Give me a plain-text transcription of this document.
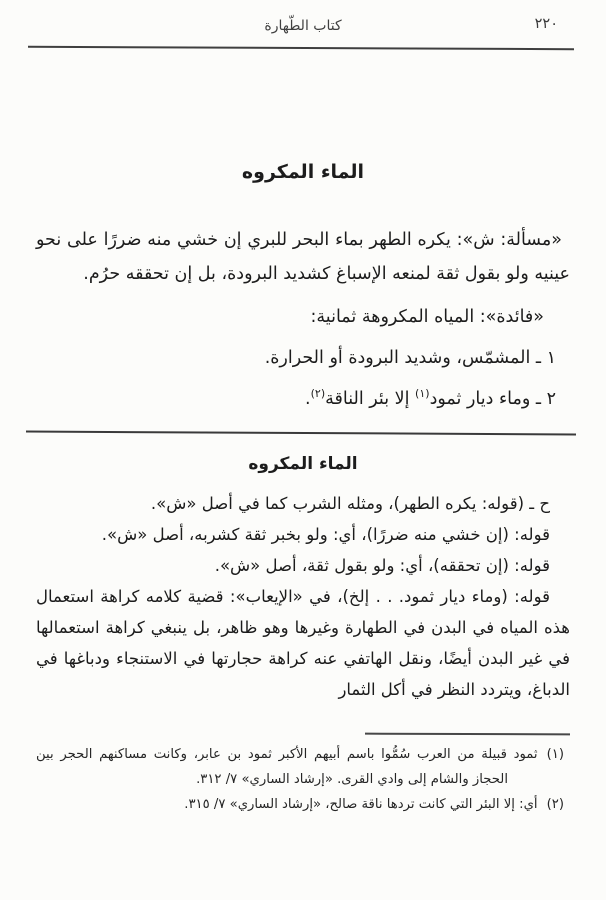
٢٢٠
كتاب الطّهارة
الماء المكروه

«مسألة: ش»: يكره الطهر بماء البحر للبري إن خشي منه ضررًا على نحو عينيه ولو بقول ثقة لمنعه الإسباغ كشديد البرودة، بل إن تحققه حرُم.

«فائدة»: المياه المكروهة ثمانية:

١ ـ المشمّس، وشديد البرودة أو الحرارة.

٢ ـ وماء ديار ثمود$^{(١)}$ إلا بئر الناقة$^{(٢)}$.

الماء المكروه

ح ـ (قوله: يكره الطهر)، ومثله الشرب كما في أصل «ش».

قوله: (إن خشي منه ضررًا)، أي: ولو بخبر ثقة كشربه، أصل «ش».

قوله: (إن تحققه)، أي: ولو بقول ثقة، أصل «ش».

قوله: (وماء ديار ثمود. . . إلخ)، في «الإيعاب»: قضية كلامه كراهة استعمال هذه المياه في البدن في الطهارة وغيرها وهو ظاهر، بل ينبغي كراهة استعمالها في غير البدن أيضًا، ونقل الهاتفي عنه كراهة حجارتها في الاستنجاء ودباغها في الدباغ، ويتردد النظر في أكل الثمار

(١)ثمود قبيلة من العرب سُمُّوا باسم أبيهم الأكبر ثمود بن عابر، وكانت مساكنهم الحجر بين الحجاز والشام إلى وادي القرى. «إرشاد الساري» ٧/ ٣١٢.

(٢)أي: إلا البئر التي كانت تردها ناقة صالح، «إرشاد الساري» ٧/ ٣١٥.
